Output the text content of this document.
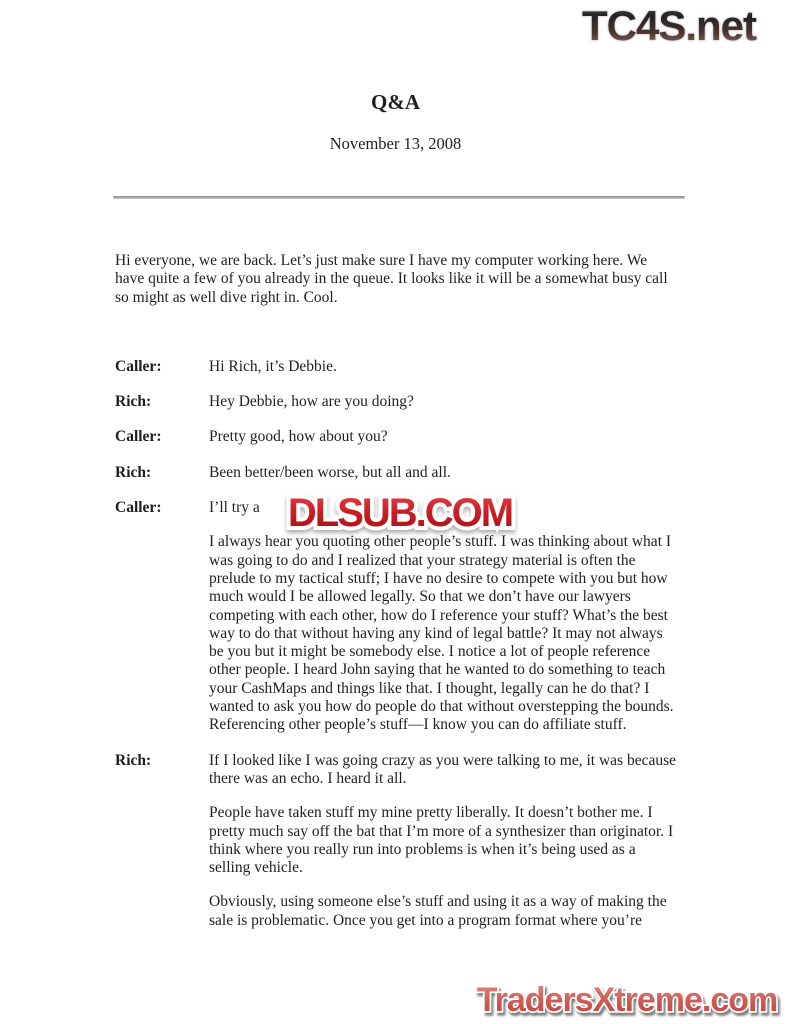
TC4S.net
Q&A
November 13, 2008

Hi everyone, we are back. Let’s just make sure I have my computer working here. We have quite a few of you already in the queue. It looks like it will be a somewhat busy call so might as well dive right in. Cool.

Caller:	Hi Rich, it’s Debbie.

Rich:	Hey Debbie, how are you doing?

Caller:	Pretty good, how about you?

Rich:	Been better/been worse, but all and all.

Caller:	I’ll try a

I always hear you quoting other people’s stuff. I was thinking about what I was going to do and I realized that your strategy material is often the prelude to my tactical stuff; I have no desire to compete with you but how much would I be allowed legally. So that we don’t have our lawyers competing with each other, how do I reference your stuff? What’s the best way to do that without having any kind of legal battle? It may not always be you but it might be somebody else. I notice a lot of people reference other people. I heard John saying that he wanted to do something to teach your CashMaps and things like that. I thought, legally can he do that? I wanted to ask you how do people do that without overstepping the bounds. Referencing other people’s stuff—I know you can do affiliate stuff.

Rich:	If I looked like I was going crazy as you were talking to me, it was because there was an echo. I heard it all.

People have taken stuff my mine pretty liberally. It doesn’t bother me. I pretty much say off the bat that I’m more of a synthesizer than originator. I think where you really run into problems is when it’s being used as a selling vehicle.

Obviously, using someone else’s stuff and using it as a way of making the sale is problematic. Once you get into a program format where you’re

DLSUB.COM
TradersXtreme.com
